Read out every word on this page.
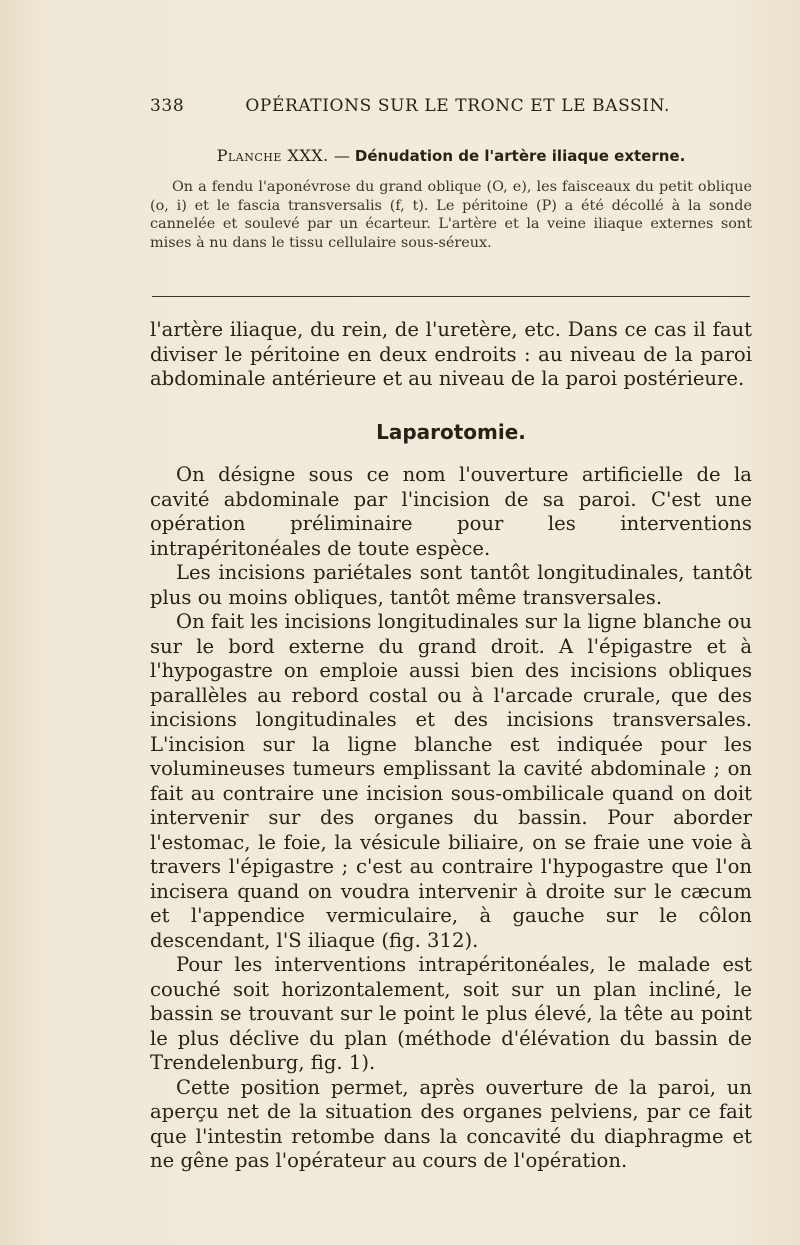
338	OPÉRATIONS SUR LE TRONC ET LE BASSIN.
Planche XXX. — Dénudation de l'artère iliaque externe.
On a fendu l'aponévrose du grand oblique (O, e), les faisceaux du petit oblique (o, i) et le fascia transversalis (f, t). Le péritoine (P) a été décollé à la sonde cannelée et soulevé par un écarteur. L'artère et la veine iliaque externes sont mises à nu dans le tissu cellulaire sous-séreux.

l'artère iliaque, du rein, de l'uretère, etc. Dans ce cas il faut diviser le péritoine en deux endroits : au niveau de la paroi abdominale antérieure et au niveau de la paroi postérieure.

Laparotomie.

On désigne sous ce nom l'ouverture artificielle de la cavité abdominale par l'incision de sa paroi. C'est une opération préliminaire pour les interventions intrapéritonéales de toute espèce.

Les incisions pariétales sont tantôt longitudinales, tantôt plus ou moins obliques, tantôt même transversales.

On fait les incisions longitudinales sur la ligne blanche ou sur le bord externe du grand droit. A l'épigastre et à l'hypogastre on emploie aussi bien des incisions obliques parallèles au rebord costal ou à l'arcade crurale, que des incisions longitudinales et des incisions transversales. L'incision sur la ligne blanche est indiquée pour les volumineuses tumeurs emplissant la cavité abdominale ; on fait au contraire une incision sous-ombilicale quand on doit intervenir sur des organes du bassin. Pour aborder l'estomac, le foie, la vésicule biliaire, on se fraie une voie à travers l'épigastre ; c'est au contraire l'hypogastre que l'on incisera quand on voudra intervenir à droite sur le cæcum et l'appendice vermiculaire, à gauche sur le côlon descendant, l'S iliaque (fig. 312).

Pour les interventions intrapéritonéales, le malade est couché soit horizontalement, soit sur un plan incliné, le bassin se trouvant sur le point le plus élevé, la tête au point le plus déclive du plan (méthode d'élévation du bassin de Trendelenburg, fig. 1).

Cette position permet, après ouverture de la paroi, un aperçu net de la situation des organes pelviens, par ce fait que l'intestin retombe dans la concavité du diaphragme et ne gêne pas l'opérateur au cours de l'opération.
